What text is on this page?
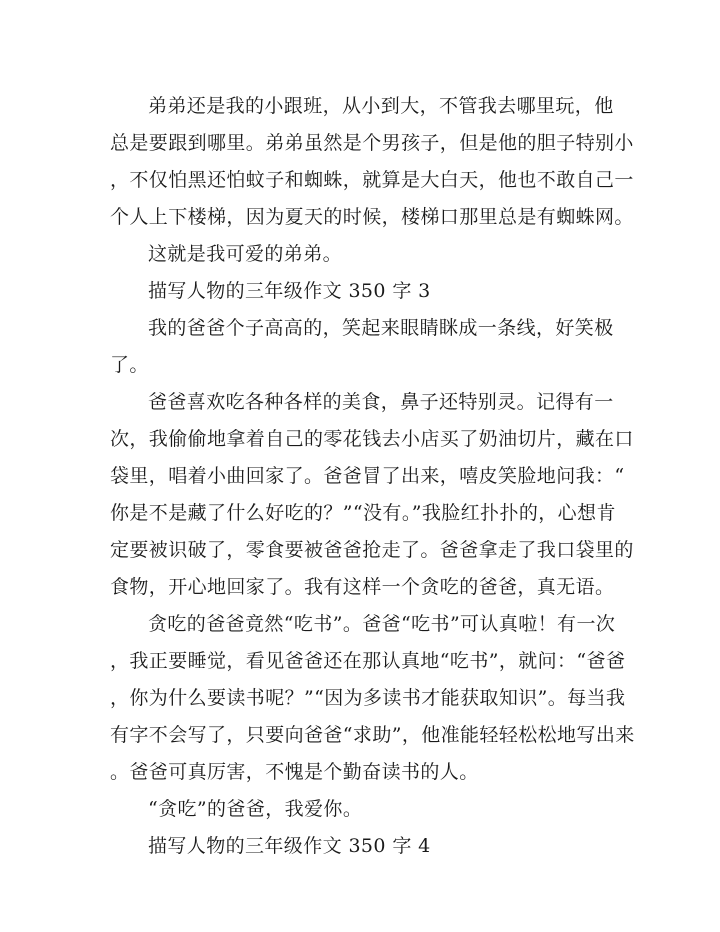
弟弟还是我的小跟班，从小到大，不管我去哪里玩，他
总是要跟到哪里。弟弟虽然是个男孩子，但是他的胆子特别小
，不仅怕黑还怕蚊子和蜘蛛，就算是大白天，他也不敢自己一
个人上下楼梯，因为夏天的时候，楼梯口那里总是有蜘蛛网。
这就是我可爱的弟弟。
描写人物的三年级作文 350 字 3
我的爸爸个子高高的，笑起来眼睛眯成一条线，好笑极
了。
爸爸喜欢吃各种各样的美食，鼻子还特别灵。记得有一
次，我偷偷地拿着自己的零花钱去小店买了奶油切片，藏在口
袋里，唱着小曲回家了。爸爸冒了出来，嘻皮笑脸地问我：“
你是不是藏了什么好吃的？”“没有。”我脸红扑扑的，心想肯
定要被识破了，零食要被爸爸抢走了。爸爸拿走了我口袋里的
食物，开心地回家了。我有这样一个贪吃的爸爸，真无语。
贪吃的爸爸竟然“吃书”。爸爸“吃书”可认真啦！有一次
，我正要睡觉，看见爸爸还在那认真地“吃书”，就问：“爸爸
，你为什么要读书呢？”“因为多读书才能获取知识”。每当我
有字不会写了，只要向爸爸“求助”，他准能轻轻松松地写出来
。爸爸可真厉害，不愧是个勤奋读书的人。
“贪吃”的爸爸，我爱你。
描写人物的三年级作文 350 字 4
